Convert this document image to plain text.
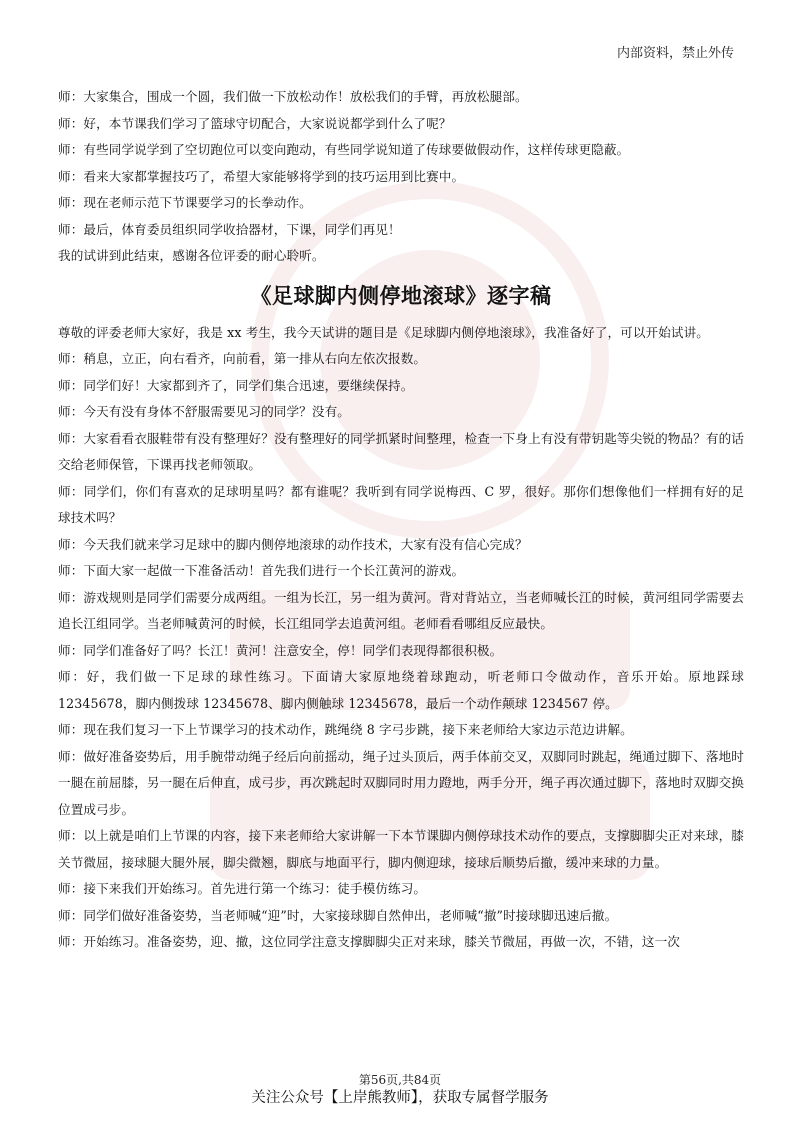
内部资料，禁止外传

师：大家集合，围成一个圆，我们做一下放松动作！放松我们的手臂，再放松腿部。

师：好，本节课我们学习了篮球守切配合，大家说说都学到什么了呢？

师：有些同学说学到了空切跑位可以变向跑动，有些同学说知道了传球要做假动作，这样传球更隐蔽。

师：看来大家都掌握技巧了，希望大家能够将学到的技巧运用到比赛中。

师：现在老师示范下节课要学习的长拳动作。

师：最后，体育委员组织同学收拾器材，下课，同学们再见！

我的试讲到此结束，感谢各位评委的耐心聆听。

《足球脚内侧停地滚球》逐字稿

尊敬的评委老师大家好，我是 xx 考生，我今天试讲的题目是《足球脚内侧停地滚球》，我准备好了，可以开始试讲。

师：稍息，立正，向右看齐，向前看，第一排从右向左依次报数。

师：同学们好！大家都到齐了，同学们集合迅速，要继续保持。

师：今天有没有身体不舒服需要见习的同学？没有。

师：大家看看衣服鞋带有没有整理好？没有整理好的同学抓紧时间整理，检查一下身上有没有带钥匙等尖锐的物品？有的话交给老师保管，下课再找老师领取。

师：同学们，你们有喜欢的足球明星吗？都有谁呢？我听到有同学说梅西、C 罗，很好。那你们想像他们一样拥有好的足球技术吗？

师：今天我们就来学习足球中的脚内侧停地滚球的动作技术，大家有没有信心完成？

师：下面大家一起做一下准备活动！首先我们进行一个长江黄河的游戏。

师：游戏规则是同学们需要分成两组。一组为长江，另一组为黄河。背对背站立，当老师喊长江的时候，黄河组同学需要去追长江组同学。当老师喊黄河的时候，长江组同学去追黄河组。老师看看哪组反应最快。

师：同学们准备好了吗？长江！黄河！注意安全，停！同学们表现得都很积极。

师：好，我们做一下足球的球性练习。下面请大家原地绕着球跑动，听老师口令做动作，音乐开始。原地踩球12345678，脚内侧拨球 12345678、脚内侧触球 12345678，最后一个动作颠球 1234567 停。

师：现在我们复习一下上节课学习的技术动作，跳绳绕 8 字弓步跳，接下来老师给大家边示范边讲解。

师：做好准备姿势后，用手腕带动绳子经后向前摇动，绳子过头顶后，两手体前交叉，双脚同时跳起，绳通过脚下、落地时一腿在前屈膝，另一腿在后伸直，成弓步，再次跳起时双脚同时用力蹬地，两手分开，绳子再次通过脚下，落地时双脚交换位置成弓步。

师：以上就是咱们上节课的内容，接下来老师给大家讲解一下本节课脚内侧停球技术动作的要点，支撑脚脚尖正对来球，膝关节微屈，接球腿大腿外展，脚尖微翘，脚底与地面平行，脚内侧迎球，接球后顺势后撤，缓冲来球的力量。

师：接下来我们开始练习。首先进行第一个练习：徒手模仿练习。

师：同学们做好准备姿势，当老师喊“迎”时，大家接球脚自然伸出，老师喊“撤”时接球脚迅速后撤。

师：开始练习。准备姿势，迎、撤，这位同学注意支撑脚脚尖正对来球，膝关节微屈，再做一次，不错，这一次

第56页,共84页
关注公众号【上岸熊教师】，获取专属督学服务
